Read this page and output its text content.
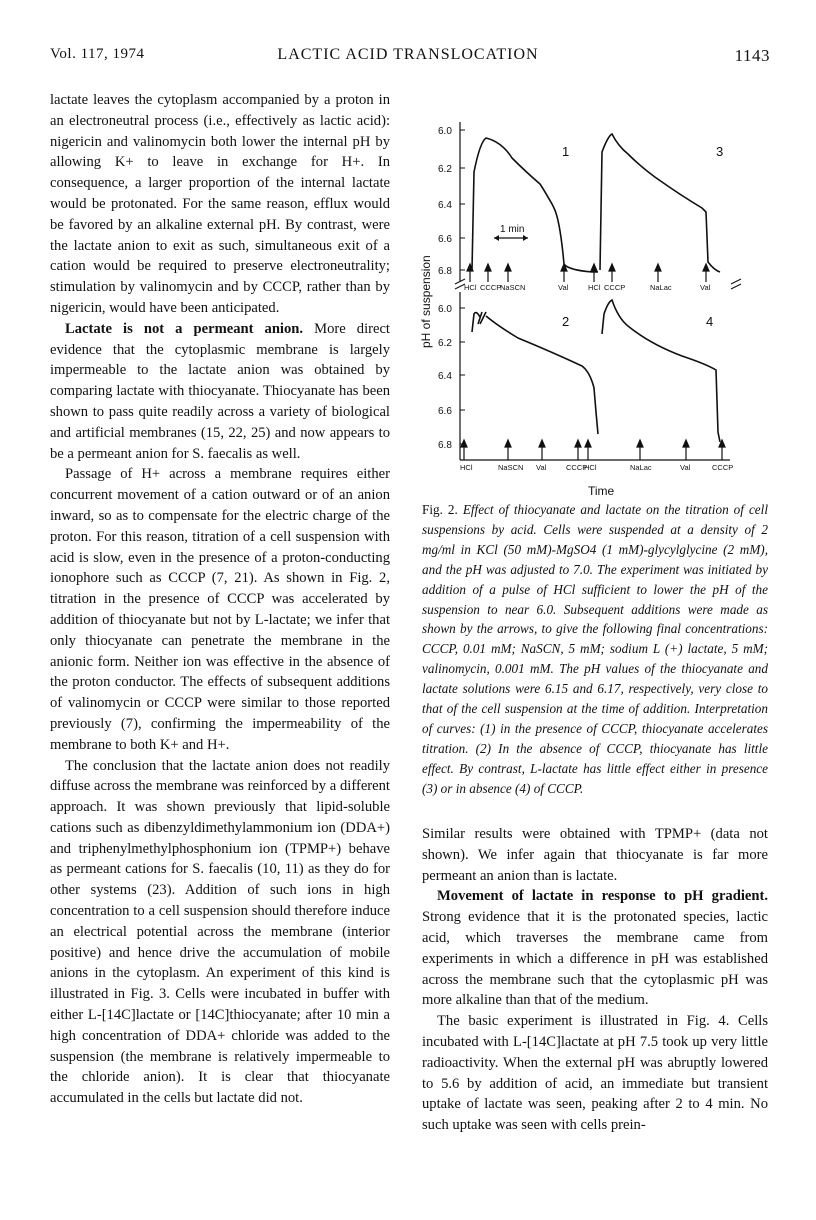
Vol. 117, 1974	LACTIC ACID TRANSLOCATION	1143

lactate leaves the cytoplasm accompanied by a proton in an electroneutral process (i.e., effectively as lactic acid): nigericin and valinomycin both lower the internal pH by allowing K+ to leave in exchange for H+. In consequence, a larger proportion of the internal lactate would be protonated. For the same reason, efflux would be favored by an alkaline external pH. By contrast, were the lactate anion to exit as such, simultaneous exit of a cation would be required to preserve electroneutrality; stimulation by valinomycin and by CCCP, rather than by nigericin, would have been anticipated.

Lactate is not a permeant anion. More direct evidence that the cytoplasmic membrane is largely impermeable to the lactate anion was obtained by comparing lactate with thiocyanate. Thiocyanate has been shown to pass quite readily across a variety of biological and artificial membranes (15, 22, 25) and now appears to be a permeant anion for S. faecalis as well.

Passage of H+ across a membrane requires either concurrent movement of a cation outward or of an anion inward, so as to compensate for the electric charge of the proton. For this reason, titration of a cell suspension with acid is slow, even in the presence of a proton-conducting ionophore such as CCCP (7, 21). As shown in Fig. 2, titration in the presence of CCCP was accelerated by addition of thiocyanate but not by L-lactate; we infer that only thiocyanate can penetrate the membrane in the anionic form. Neither ion was effective in the absence of the proton conductor. The effects of subsequent additions of valinomycin or CCCP were similar to those reported previously (7), confirming the impermeability of the membrane to both K+ and H+.

The conclusion that the lactate anion does not readily diffuse across the membrane was reinforced by a different approach. It was shown previously that lipid-soluble cations such as dibenzyldimethylammonium ion (DDA+) and triphenylmethylphosphonium ion (TPMP+) behave as permeant cations for S. faecalis (10, 11) as they do for other systems (23). Addition of such ions in high concentration to a cell suspension should therefore induce an electrical potential across the membrane (interior positive) and hence drive the accumulation of mobile anions in the cytoplasm. An experiment of this kind is illustrated in Fig. 3. Cells were incubated in buffer with either L-[14C]lactate or [14C]thiocyanate; after 10 min a high concentration of DDA+ chloride was added to the suspension (the membrane is relatively impermeable to the chloride anion). It is clear that thiocyanate accumulated in the cells but lactate did not.

pH of suspension
6.0
6.2
6.4
6.6
6.8
6.0
6.2
6.4
6.6
6.8
1	3
2	4
1 min
HCl CCCP
NaSCN	Val	HCl CCCP	NaLac	Val
HCl	NaSCN Val	CCCP
HCl	NaLac	Val	CCCP
Time
Fig. 2. Effect of thiocyanate and lactate on the titration of cell suspensions by acid. Cells were suspended at a density of 2 mg/ml in KCl (50 mM)-MgSO4 (1 mM)-glycylglycine (2 mM), and the pH was adjusted to 7.0. The experiment was initiated by addition of a pulse of HCl sufficient to lower the pH of the suspension to near 6.0. Subsequent additions were made as shown by the arrows, to give the following final concentrations: CCCP, 0.01 mM; NaSCN, 5 mM; sodium L (+) lactate, 5 mM; valinomycin, 0.001 mM. The pH values of the thiocyanate and lactate solutions were 6.15 and 6.17, respectively, very close to that of the cell suspension at the time of addition. Interpretation of curves: (1) in the presence of CCCP, thiocyanate accelerates titration. (2) In the absence of CCCP, thiocyanate has little effect. By contrast, L-lactate has little effect either in presence (3) or in absence (4) of CCCP.

Similar results were obtained with TPMP+ (data not shown). We infer again that thiocyanate is far more permeant an anion than is lactate.

Movement of lactate in response to pH gradient. Strong evidence that it is the protonated species, lactic acid, which traverses the membrane came from experiments in which a difference in pH was established across the membrane such that the cytoplasmic pH was more alkaline than that of the medium.

The basic experiment is illustrated in Fig. 4. Cells incubated with L-[14C]lactate at pH 7.5 took up very little radioactivity. When the external pH was abruptly lowered to 5.6 by addition of acid, an immediate but transient uptake of lactate was seen, peaking after 2 to 4 min. No such uptake was seen with cells prein-
